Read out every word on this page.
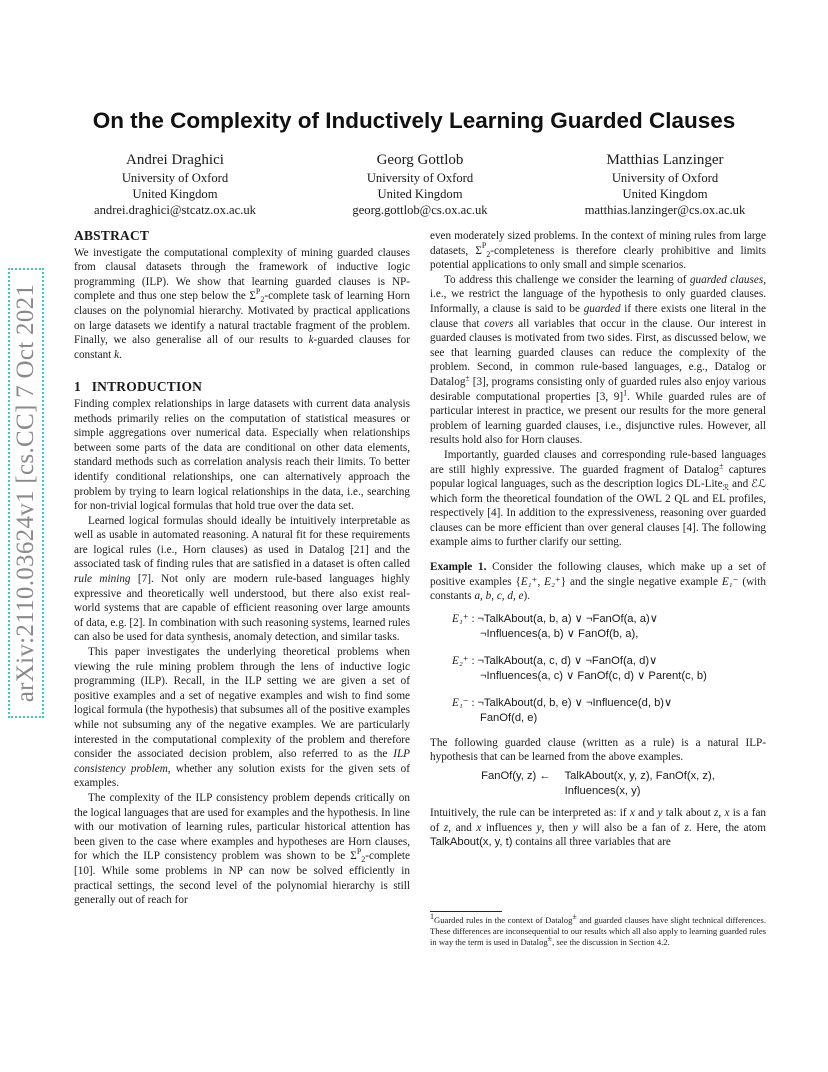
arXiv:2110.03624v1 [cs.CC] 7 Oct 2021
On the Complexity of Inductively Learning Guarded Clauses
Andrei Draghici
University of Oxford
United Kingdom
andrei.draghici@stcatz.ox.ac.uk
Georg Gottlob
University of Oxford
United Kingdom
georg.gottlob@cs.ox.ac.uk
Matthias Lanzinger
University of Oxford
United Kingdom
matthias.lanzinger@cs.ox.ac.uk
ABSTRACT

We investigate the computational complexity of mining guarded clauses from clausal datasets through the framework of inductive logic programming (ILP). We show that learning guarded clauses is NP-complete and thus one step below the $\Sigma^P_2$-complete task of learning Horn clauses on the polynomial hierarchy. Motivated by practical applications on large datasets we identify a natural tractable fragment of the problem. Finally, we also generalise all of our results to k-guarded clauses for constant k.

1 INTRODUCTION

Finding complex relationships in large datasets with current data analysis methods primarily relies on the computation of statistical measures or simple aggregations over numerical data. Especially when relationships between some parts of the data are conditional on other data elements, standard methods such as correlation analysis reach their limits. To better identify conditional relationships, one can alternatively approach the problem by trying to learn logical relationships in the data, i.e., searching for non-trivial logical formulas that hold true over the data set.

Learned logical formulas should ideally be intuitively interpretable as well as usable in automated reasoning. A natural fit for these requirements are logical rules (i.e., Horn clauses) as used in Datalog [21] and the associated task of finding rules that are satisfied in a dataset is often called rule mining [7]. Not only are modern rule-based languages highly expressive and theoretically well understood, but there also exist real-world systems that are capable of efficient reasoning over large amounts of data, e.g. [2]. In combination with such reasoning systems, learned rules can also be used for data synthesis, anomaly detection, and similar tasks.

This paper investigates the underlying theoretical problems when viewing the rule mining problem through the lens of inductive logic programming (ILP). Recall, in the ILP setting we are given a set of positive examples and a set of negative examples and wish to find some logical formula (the hypothesis) that subsumes all of the positive examples while not subsuming any of the negative examples. We are particularly interested in the computational complexity of the problem and therefore consider the associated decision problem, also referred to as the ILP consistency problem, whether any solution exists for the given sets of examples.

The complexity of the ILP consistency problem depends critically on the logical languages that are used for examples and the hypothesis. In line with our motivation of learning rules, particular historical attention has been given to the case where examples and hypotheses are Horn clauses, for which the ILP consistency problem was shown to be $\Sigma^P_2$-complete [10]. While some problems in NP can now be solved efficiently in practical settings, the second level of the polynomial hierarchy is still generally out of reach for

even moderately sized problems. In the context of mining rules from large datasets, $\Sigma^P_2$-completeness is therefore clearly prohibitive and limits potential applications to only small and simple scenarios.

To address this challenge we consider the learning of guarded clauses, i.e., we restrict the language of the hypothesis to only guarded clauses. Informally, a clause is said to be guarded if there exists one literal in the clause that covers all variables that occur in the clause. Our interest in guarded clauses is motivated from two sides. First, as discussed below, we see that learning guarded clauses can reduce the complexity of the problem. Second, in common rule-based languages, e.g., Datalog or Datalog± [3], programs consisting only of guarded rules also enjoy various desirable computational properties [3, 9]$^1$. While guarded rules are of particular interest in practice, we present our results for the more general problem of learning guarded clauses, i.e., disjunctive rules. However, all results hold also for Horn clauses.

Importantly, guarded clauses and corresponding rule-based languages are still highly expressive. The guarded fragment of Datalog± captures popular logical languages, such as the description logics DL-Lite$_ℛ$ and ℰℒ which form the theoretical foundation of the OWL 2 QL and EL profiles, respectively [4]. In addition to the expressiveness, reasoning over guarded clauses can be more efficient than over general clauses [4]. The following example aims to further clarify our setting.

Example 1. Consider the following clauses, which make up a set of positive examples {E₁⁺, E₂⁺} and the single negative example E₁⁻ (with constants a, b, c, d, e).

E₁⁺ : ¬TalkAbout(a, b, a) ∨ ¬FanOf(a, a)∨
¬Influences(a, b) ∨ FanOf(b, a),
E₂⁺ : ¬TalkAbout(a, c, d) ∨ ¬FanOf(a, d)∨
¬Influences(a, c) ∨ FanOf(c, d) ∨ Parent(c, b)
E₁⁻ : ¬TalkAbout(d, b, e) ∨ ¬Influence(d, b)∨
FanOf(d, e)

The following guarded clause (written as a rule) is a natural ILP-hypothesis that can be learned from the above examples.

FanOf(y, z) ←	TalkAbout(x, y, z), FanOf(x, z),
Influences(x, y)

Intuitively, the rule can be interpreted as: if x and y talk about z, x is a fan of z, and x influences y, then y will also be a fan of z. Here, the atom TalkAbout(x, y, t) contains all three variables that are

$^1$Guarded rules in the context of Datalog± and guarded clauses have slight technical differences. These differences are inconsequential to our results which all also apply to learning guarded rules in way the term is used in Datalog±, see the discussion in Section 4.2.
